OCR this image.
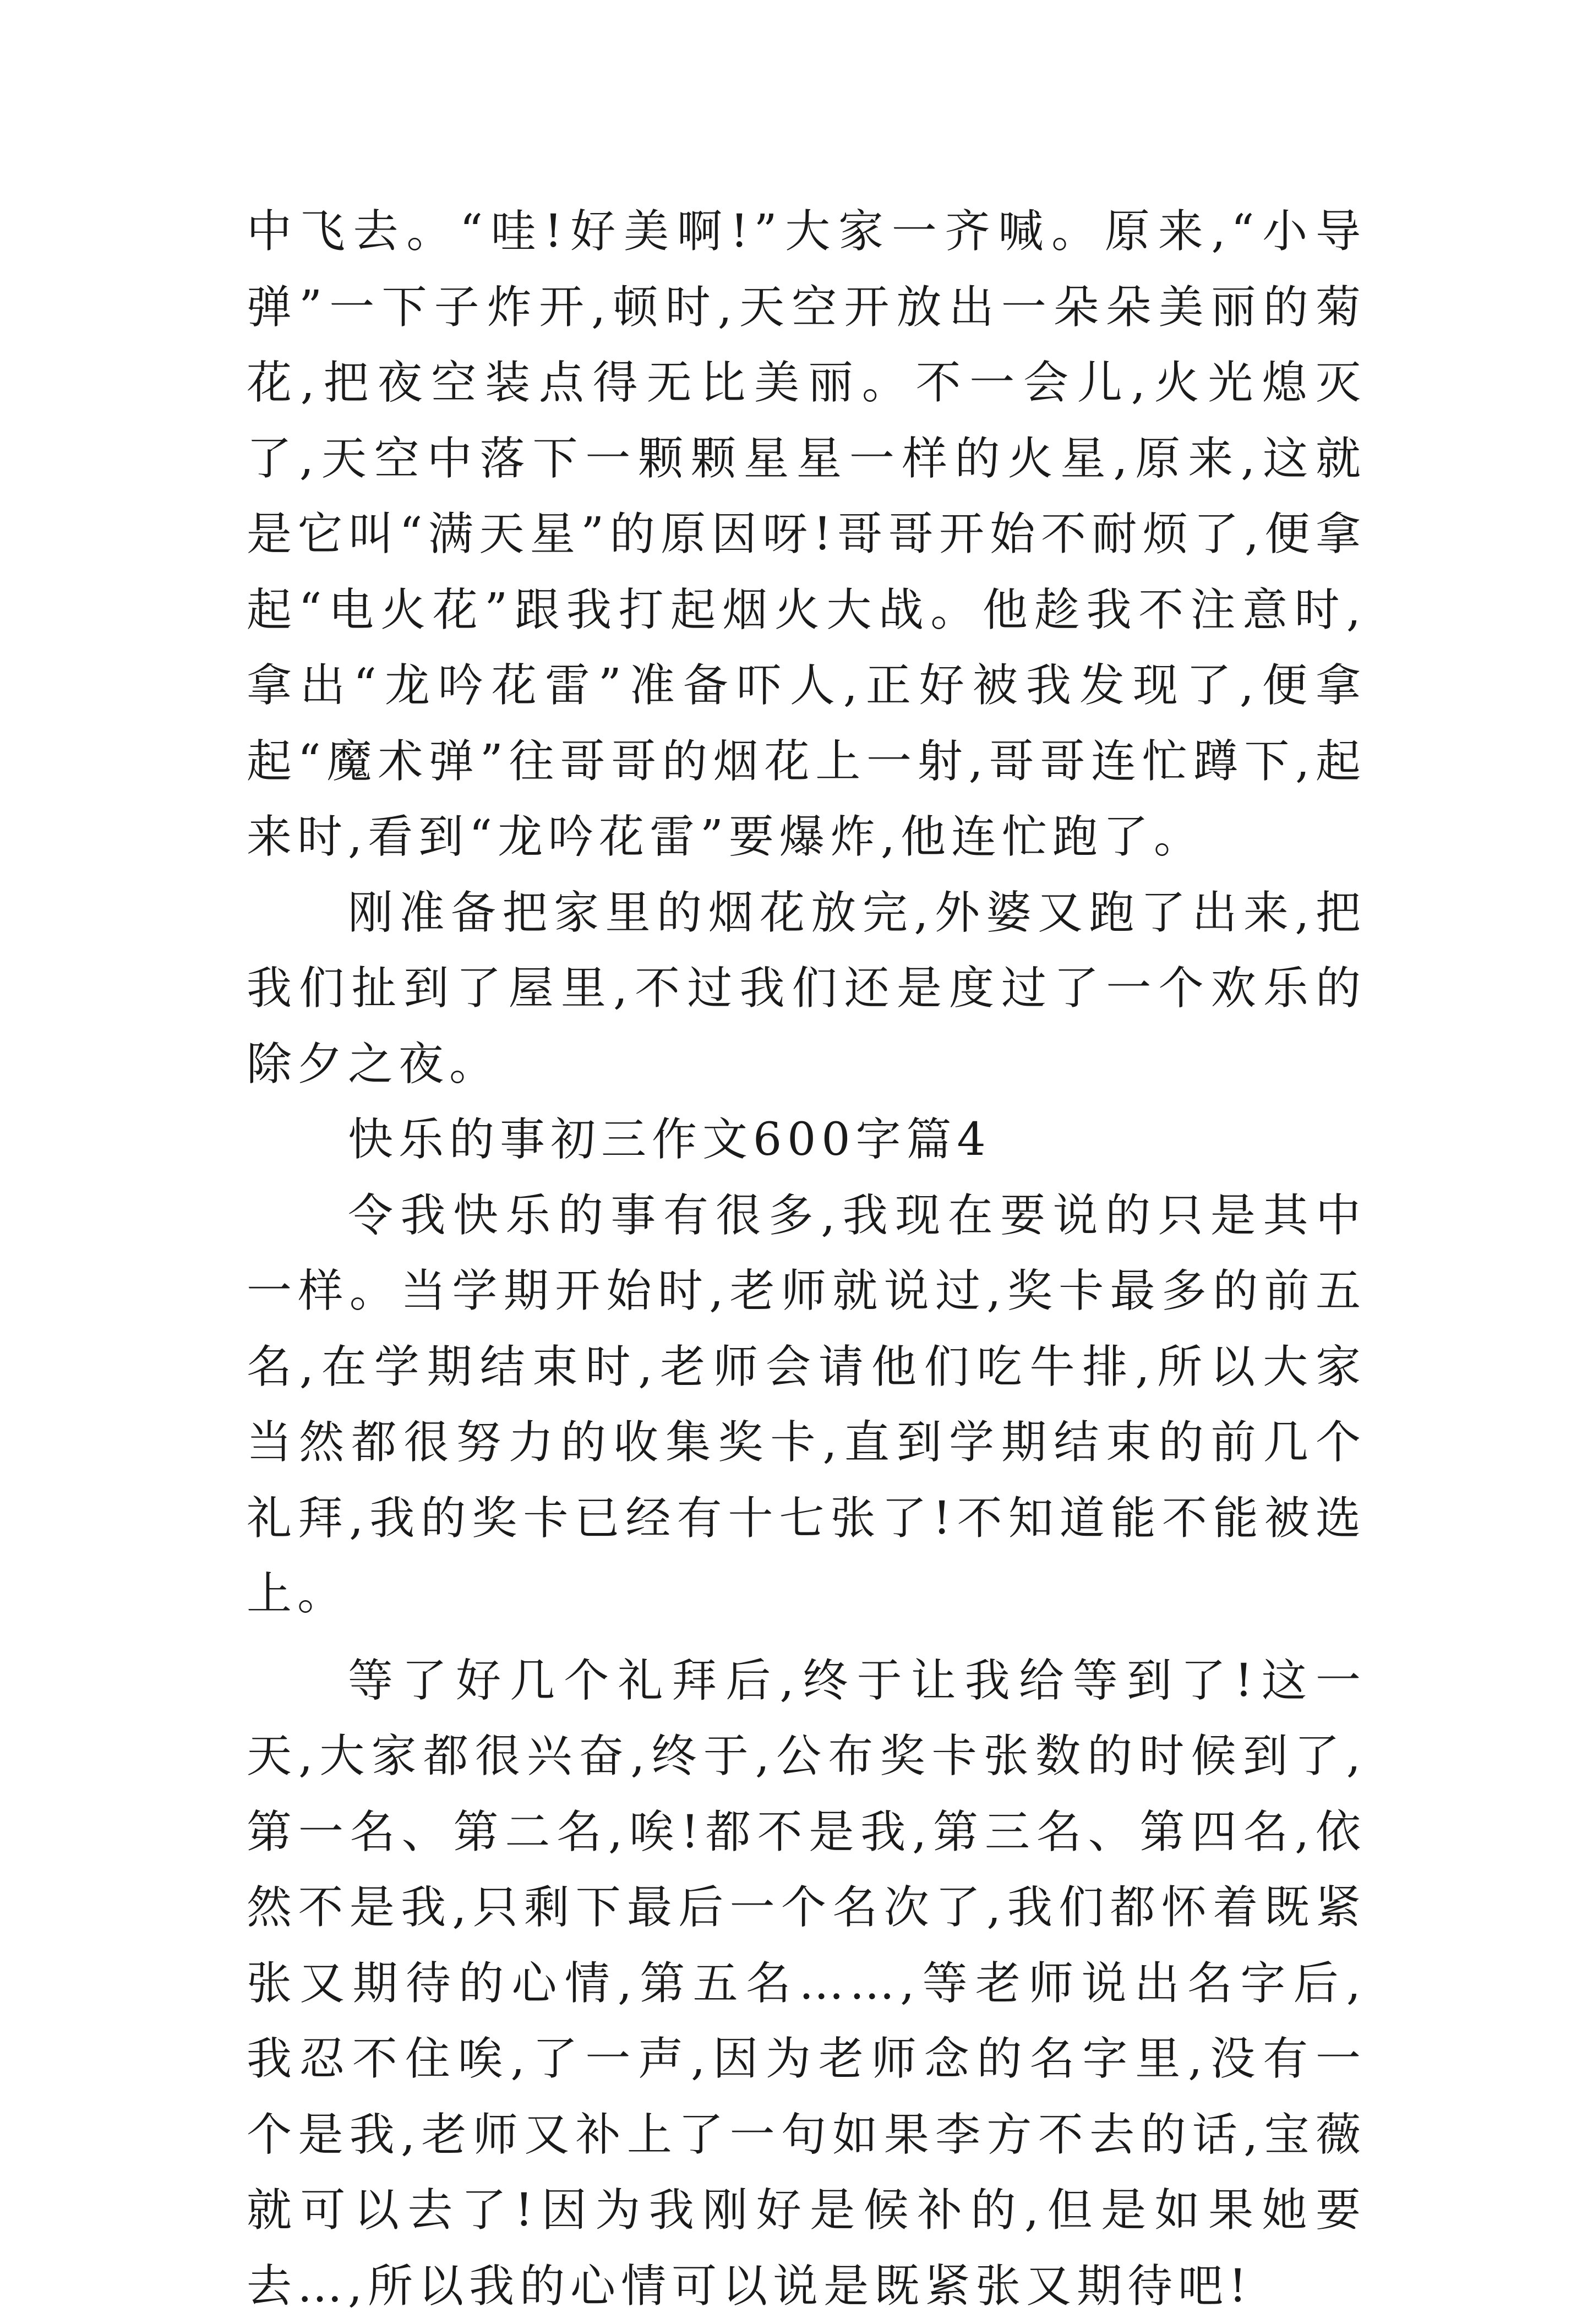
中飞去。“哇!好美啊!”大家一齐喊。原来,“小导弹”一下子炸开,顿时,天空开放出一朵朵美丽的菊花,把夜空装点得无比美丽。不一会儿,火光熄灭了,天空中落下一颗颗星星一样的火星,原来,这就是它叫“满天星”的原因呀!哥哥开始不耐烦了,便拿起“电火花”跟我打起烟火大战。他趁我不注意时,拿出“龙吟花雷”准备吓人,正好被我发现了,便拿起“魔术弹”往哥哥的烟花上一射,哥哥连忙蹲下,起来时,看到“龙吟花雷”要爆炸,他连忙跑了。

刚准备把家里的烟花放完,外婆又跑了出来,把我们扯到了屋里,不过我们还是度过了一个欢乐的除夕之夜。

快乐的事初三作文600字篇4

令我快乐的事有很多,我现在要说的只是其中一样。当学期开始时,老师就说过,奖卡最多的前五名,在学期结束时,老师会请他们吃牛排,所以大家当然都很努力的收集奖卡,直到学期结束的前几个礼拜,我的奖卡已经有十七张了!不知道能不能被选上。

等了好几个礼拜后,终于让我给等到了!这一天,大家都很兴奋,终于,公布奖卡张数的时候到了,第一名、第二名,唉!都不是我,第三名、第四名,依然不是我,只剩下最后一个名次了,我们都怀着既紧张又期待的心情,第五名……,等老师说出名字后,我忍不住唉,了一声,因为老师念的名字里,没有一个是我,老师又补上了一句如果李方不去的话,宝薇就可以去了!因为我刚好是候补的,但是如果她要去…,所以我的心情可以说是既紧张又期待吧!
